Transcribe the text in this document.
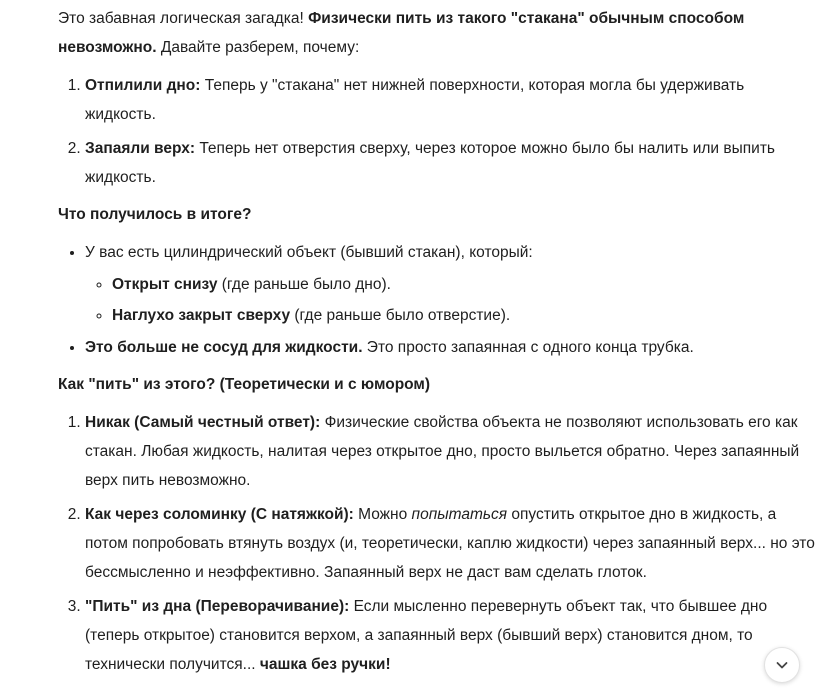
Это забавная логическая загадка! Физически пить из такого "стакана" обычным способом невозможно. Давайте разберем, почему:

1. Отпилили дно: Теперь у "стакана" нет нижней поверхности, которая могла бы удерживать жидкость.
2. Запаяли верх: Теперь нет отверстия сверху, через которое можно было бы налить или выпить жидкость.

Что получилось в итоге?

• У вас есть цилиндрический объект (бывший стакан), который:
◦ Открыт снизу (где раньше было дно).
◦ Наглухо закрыт сверху (где раньше было отверстие).
• Это больше не сосуд для жидкости. Это просто запаянная с одного конца трубка.

Как "пить" из этого? (Теоретически и с юмором)

1. Никак (Самый честный ответ): Физические свойства объекта не позволяют использовать его как стакан. Любая жидкость, налитая через открытое дно, просто выльется обратно. Через запаянный верх пить невозможно.
2. Как через соломинку (С натяжкой): Можно попытаться опустить открытое дно в жидкость, а потом попробовать втянуть воздух (и, теоретически, каплю жидкости) через запаянный верх... но это бессмысленно и неэффективно. Запаянный верх не даст вам сделать глоток.
3. "Пить" из дна (Переворачивание): Если мысленно перевернуть объект так, что бывшее дно (теперь открытое) становится верхом, а запаянный верх (бывший верх) становится дном, то технически получится... чашка без ручки!
